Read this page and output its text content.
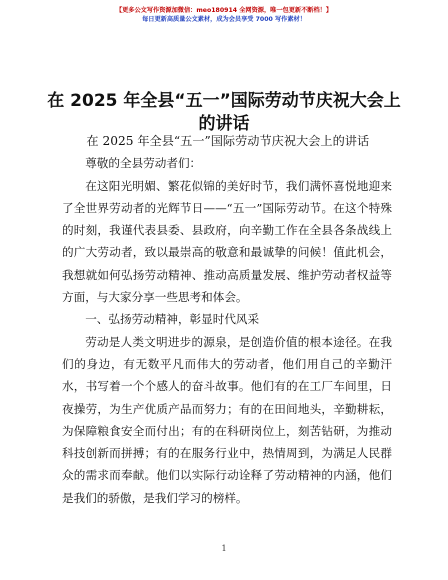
【更多公文写作资源加微信：meo180914 全网资源，唯一包更新不断档！】
每日更新高质量公文素材，成为会员享受 7000 写作素材！
在 2025 年全县“五一”国际劳动节庆祝大会上的讲话

在 2025 年全县“五一”国际劳动节庆祝大会上的讲话

尊敬的全县劳动者们：

在这阳光明媚、繁花似锦的美好时节，我们满怀喜悦地迎来了全世界劳动者的光辉节日——“五一”国际劳动节。在这个特殊的时刻，我谨代表县委、县政府，向辛勤工作在全县各条战线上的广大劳动者，致以最崇高的敬意和最诚挚的问候！值此机会，我想就如何弘扬劳动精神、推动高质量发展、维护劳动者权益等方面，与大家分享一些思考和体会。

一、弘扬劳动精神，彰显时代风采

劳动是人类文明进步的源泉，是创造价值的根本途径。在我们的身边，有无数平凡而伟大的劳动者，他们用自己的辛勤汗水，书写着一个个感人的奋斗故事。他们有的在工厂车间里，日夜操劳，为生产优质产品而努力；有的在田间地头，辛勤耕耘，为保障粮食安全而付出；有的在科研岗位上，刻苦钻研，为推动科技创新而拼搏；有的在服务行业中，热情周到，为满足人民群众的需求而奉献。他们以实际行动诠释了劳动精神的内涵，他们是我们的骄傲，是我们学习的榜样。

1
